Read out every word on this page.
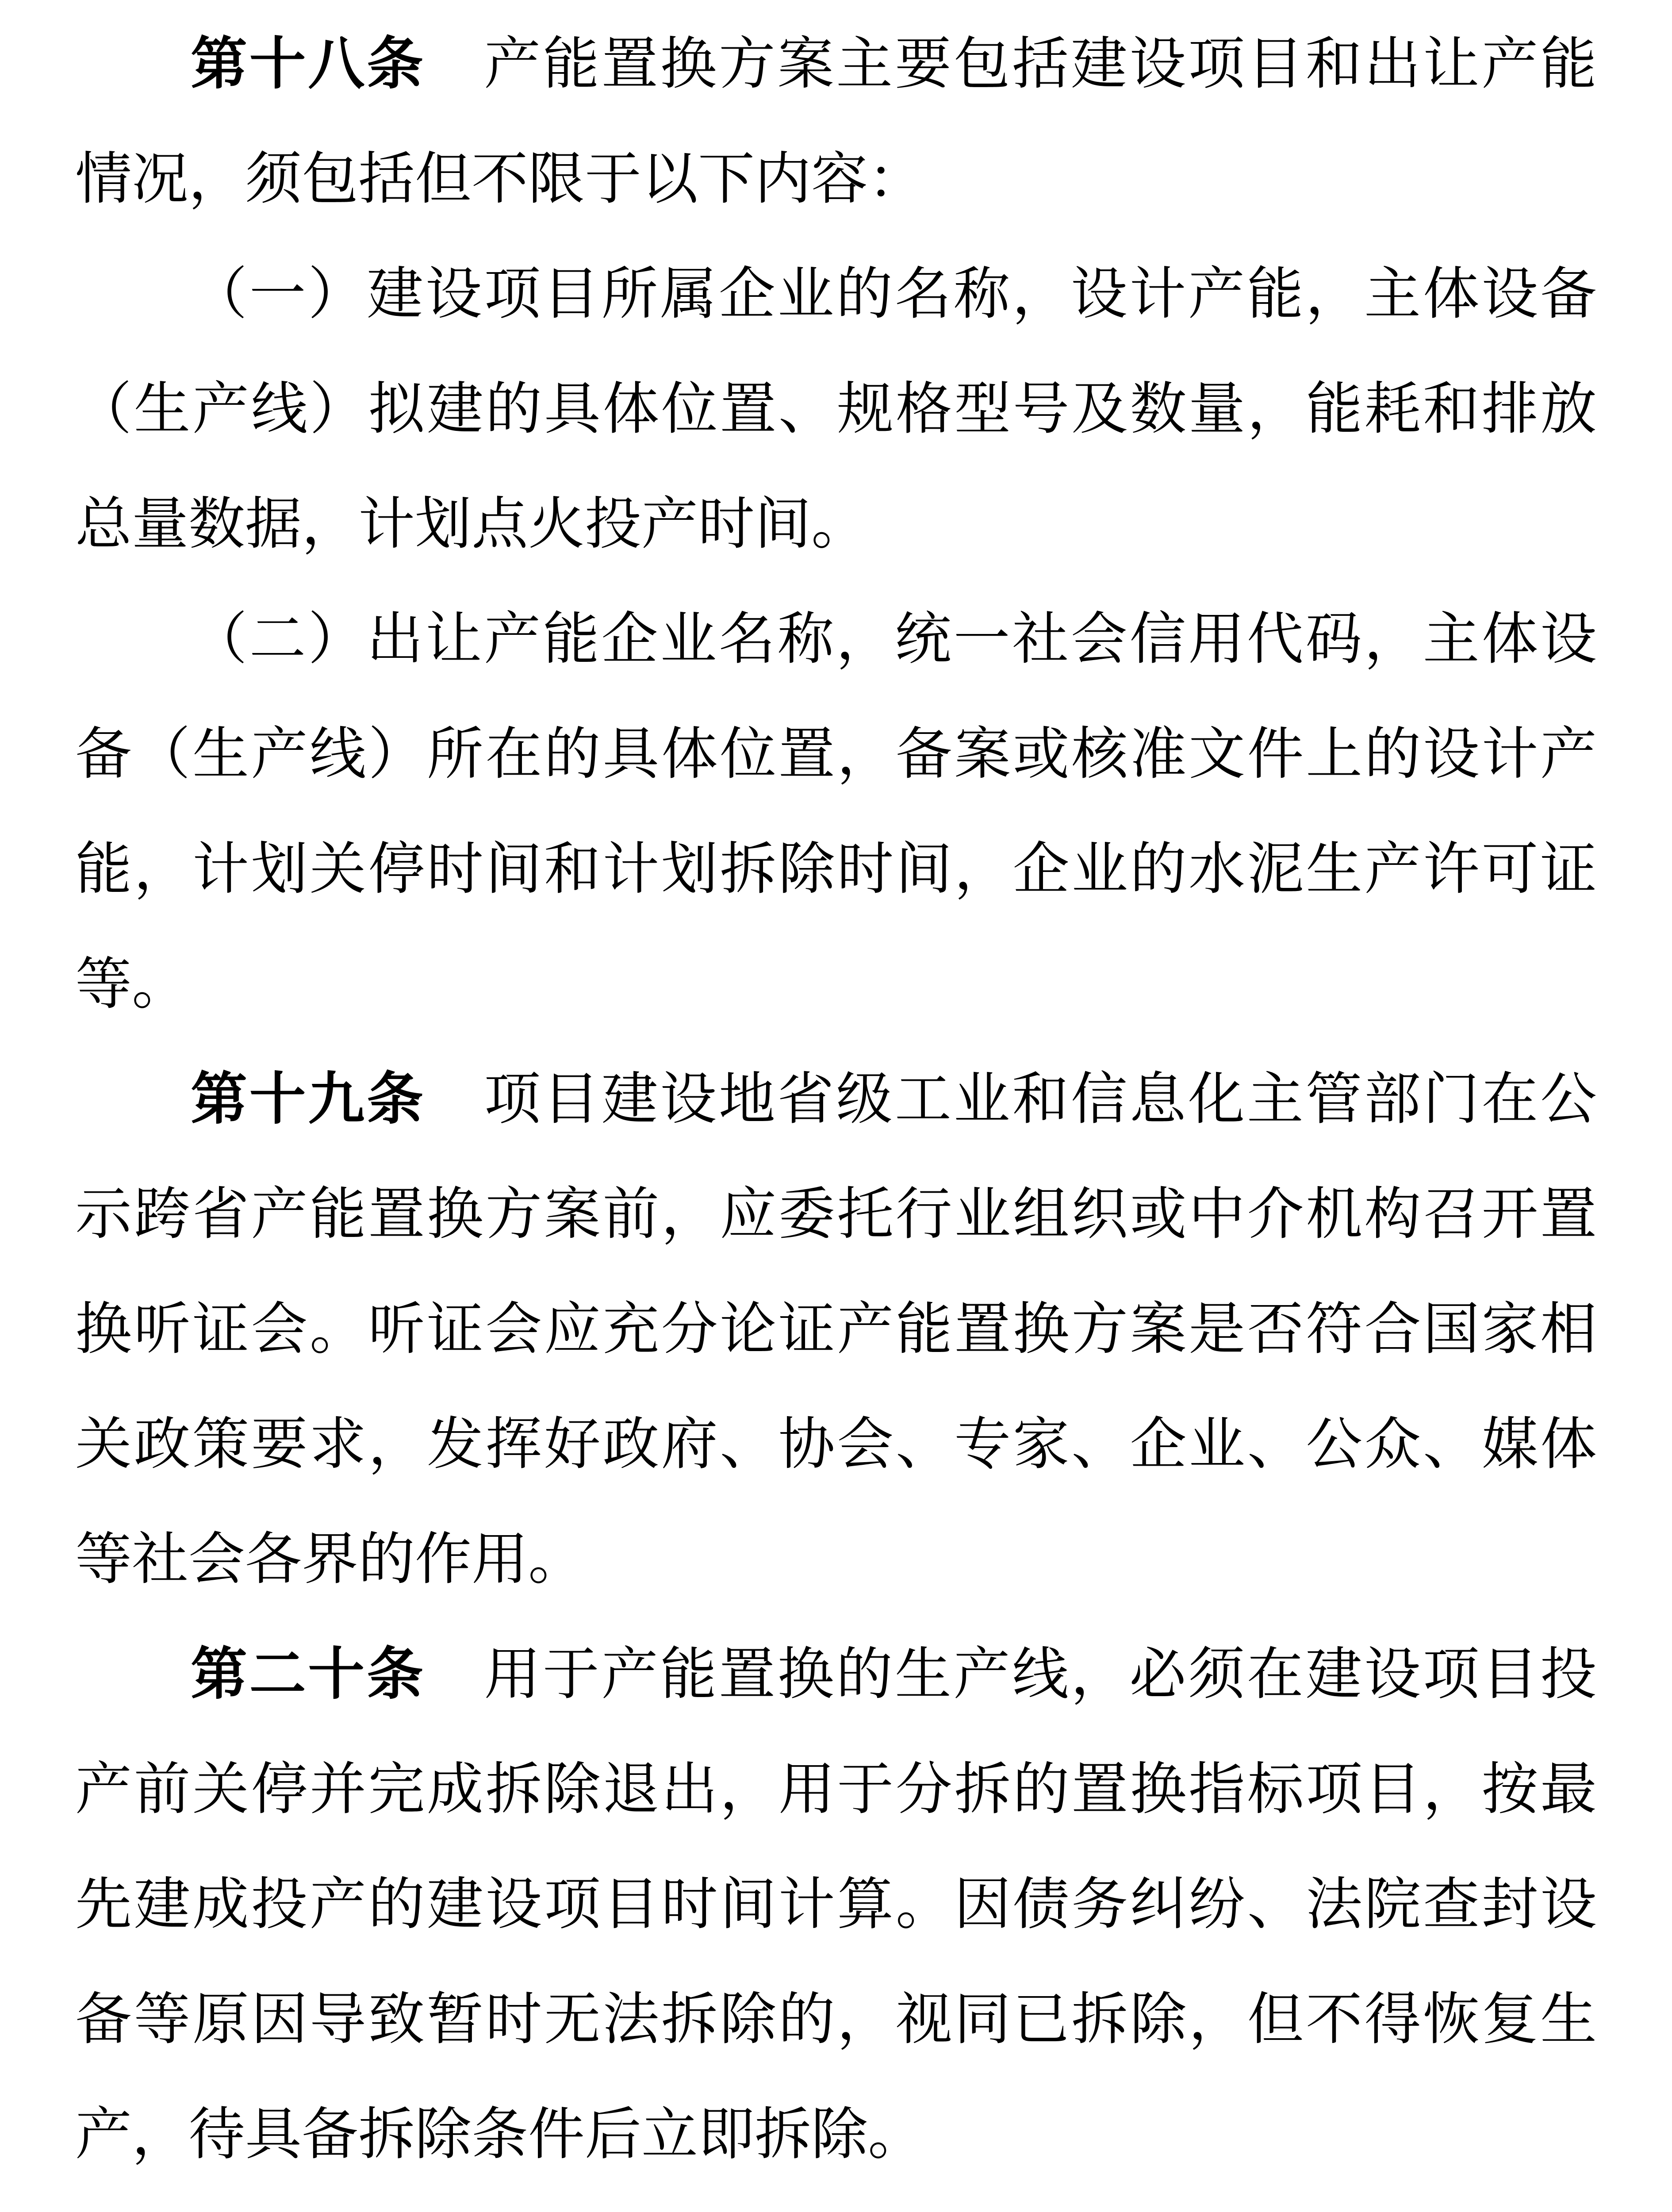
第十八条　 产能置换方案主要包括建设项目和出让产能
情况，须包括但不限于以下内容：
（一）建设项目所属企业的名称，设计产能，主体设备
（生产线）拟建的具体位置、规格型号及数量，能耗和排放
总量数据，计划点火投产时间。
（二）出让产能企业名称，统一社会信用代码，主体设
备（生产线）所在的具体位置，备案或核准文件上的设计产
能，计划关停时间和计划拆除时间，企业的水泥生产许可证
等。
第十九条　 项目建设地省级工业和信息化主管部门在公
示跨省产能置换方案前，应委托行业组织或中介机构召开置
换听证会。听证会应充分论证产能置换方案是否符合国家相
关政策要求，发挥好政府、协会、专家、企业、公众、媒体
等社会各界的作用。
第二十条　 用于产能置换的生产线，必须在建设项目投
产前关停并完成拆除退出，用于分拆的置换指标项目，按最
先建成投产的建设项目时间计算。因债务纠纷、法院查封设
备等原因导致暂时无法拆除的，视同已拆除，但不得恢复生
产，待具备拆除条件后立即拆除。
